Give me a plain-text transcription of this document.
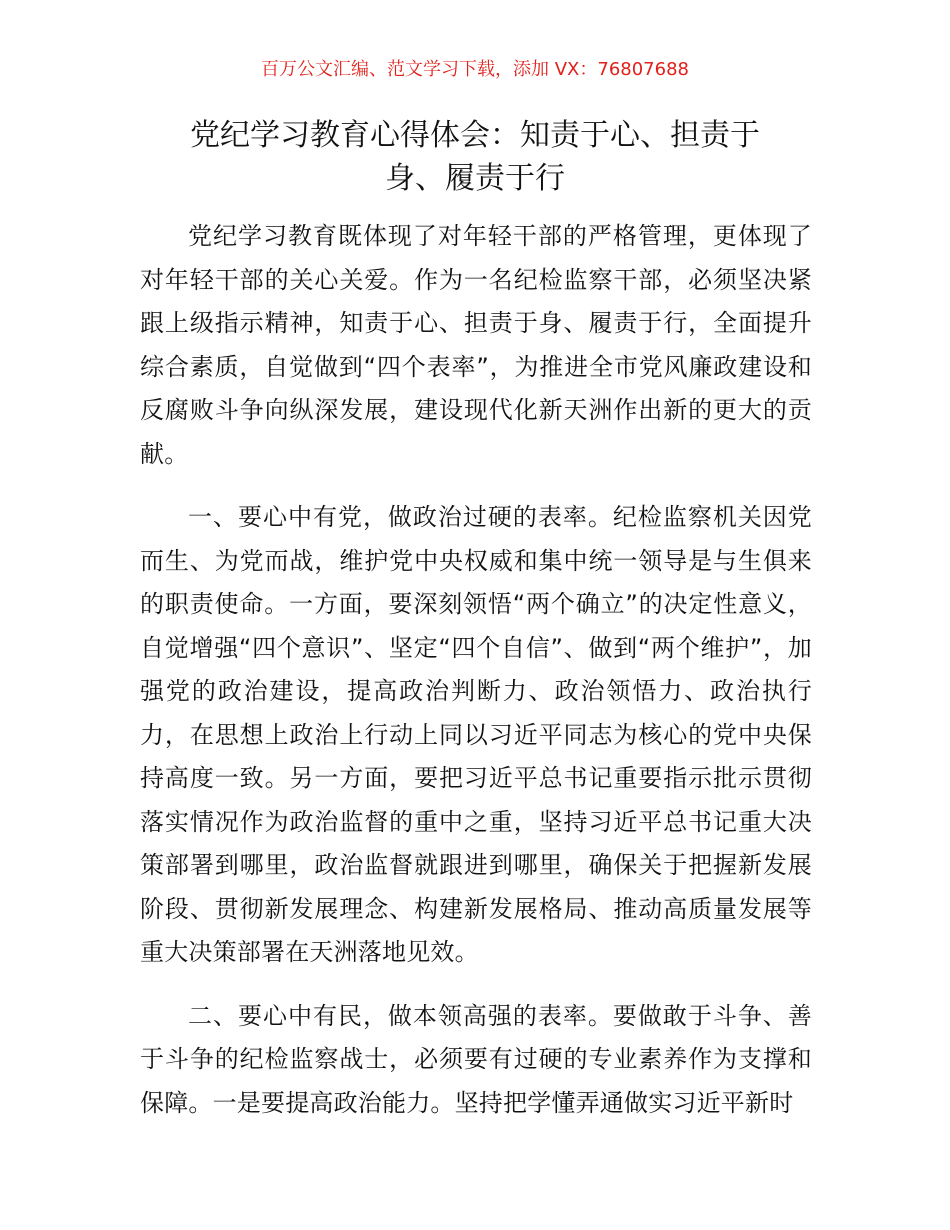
百万公文汇编、范文学习下载，添加 VX：76807688
党纪学习教育心得体会：知责于心、担责于
身、履责于行

党纪学习教育既体现了对年轻干部的严格管理，更体现了对年轻干部的关心关爱。作为一名纪检监察干部，必须坚决紧跟上级指示精神，知责于心、担责于身、履责于行，全面提升综合素质，自觉做到“四个表率”，为推进全市党风廉政建设和反腐败斗争向纵深发展，建设现代化新天洲作出新的更大的贡献。

一、要心中有党，做政治过硬的表率。纪检监察机关因党而生、为党而战，维护党中央权威和集中统一领导是与生俱来的职责使命。一方面，要深刻领悟“两个确立”的决定性意义，自觉增强“四个意识”、坚定“四个自信”、做到“两个维护”，加强党的政治建设，提高政治判断力、政治领悟力、政治执行力，在思想上政治上行动上同以习近平同志为核心的党中央保持高度一致。另一方面，要把习近平总书记重要指示批示贯彻落实情况作为政治监督的重中之重，坚持习近平总书记重大决策部署到哪里，政治监督就跟进到哪里，确保关于把握新发展阶段、贯彻新发展理念、构建新发展格局、推动高质量发展等重大决策部署在天洲落地见效。

二、要心中有民，做本领高强的表率。要做敢于斗争、善于斗争的纪检监察战士，必须要有过硬的专业素养作为支撑和保障。一是要提高政治能力。坚持把学懂弄通做实习近平新时
